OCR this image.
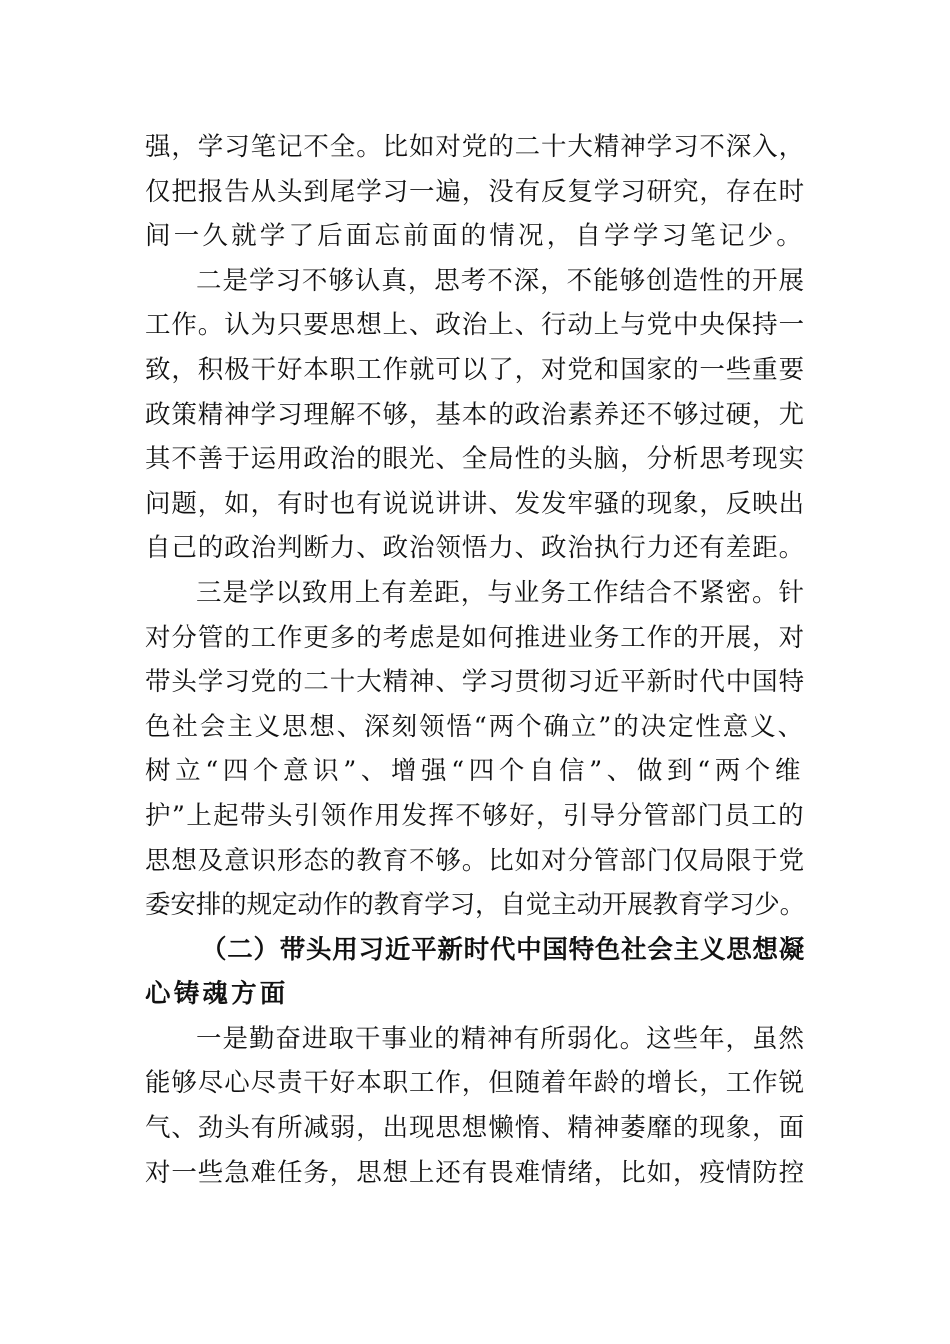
强，学习笔记不全。比如对党的二十大精神学习不深入，
仅把报告从头到尾学习一遍，没有反复学习研究，存在时
间一久就学了后面忘前面的情况，自学学习笔记少。
二是学习不够认真，思考不深，不能够创造性的开展
工作。认为只要思想上、政治上、行动上与党中央保持一
致，积极干好本职工作就可以了，对党和国家的一些重要
政策精神学习理解不够，基本的政治素养还不够过硬，尤
其不善于运用政治的眼光、全局性的头脑，分析思考现实
问题，如，有时也有说说讲讲、发发牢骚的现象，反映出
自己的政治判断力、政治领悟力、政治执行力还有差距。
三是学以致用上有差距，与业务工作结合不紧密。针
对分管的工作更多的考虑是如何推进业务工作的开展，对
带头学习党的二十大精神、学习贯彻习近平新时代中国特
色社会主义思想、深刻领悟“两个确立”的决定性意义、
树立“四个意识”、增强“四个自信”、做到“两个维
护”上起带头引领作用发挥不够好，引导分管部门员工的
思想及意识形态的教育不够。比如对分管部门仅局限于党
委安排的规定动作的教育学习，自觉主动开展教育学习少。
（二）带头用习近平新时代中国特色社会主义思想凝
心铸魂方面
一是勤奋进取干事业的精神有所弱化。这些年，虽然
能够尽心尽责干好本职工作，但随着年龄的增长，工作锐
气、劲头有所减弱，出现思想懒惰、精神萎靡的现象，面
对一些急难任务，思想上还有畏难情绪，比如，疫情防控
